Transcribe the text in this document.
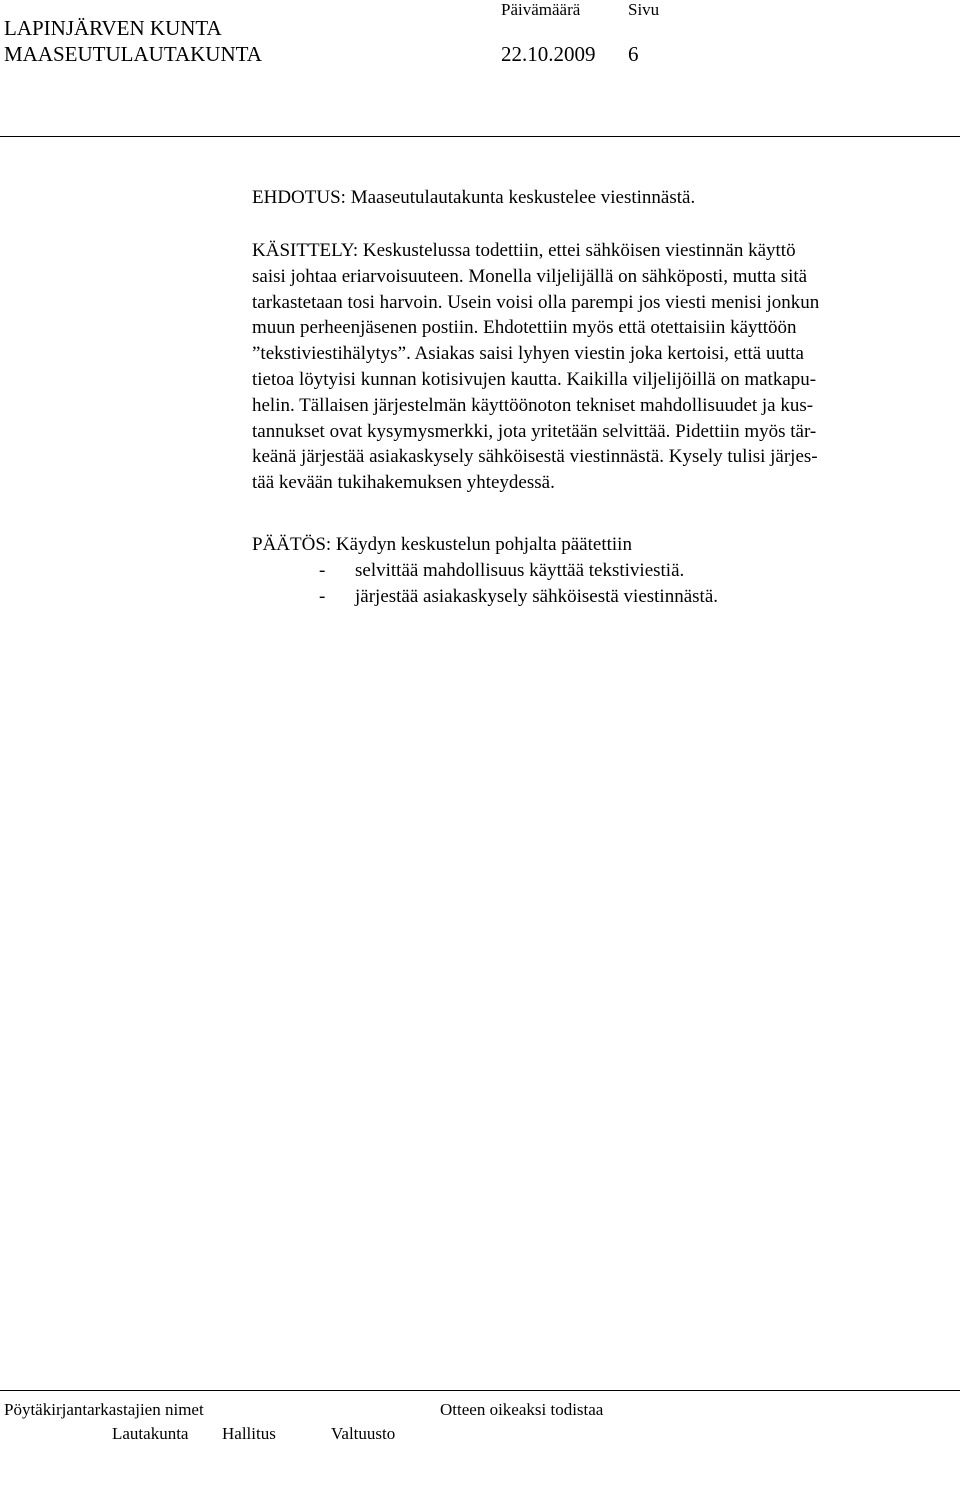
LAPINJÄRVEN KUNTA
MAASEUTULAUTAKUNTA
Päivämäärä	Sivu
22.10.2009 6
EHDOTUS: Maaseutulautakunta keskustelee viestinnästä.
KÄSITTELY: Keskustelussa todettiin, ettei sähköisen viestinnän käyttö
saisi johtaa eriarvoisuuteen. Monella viljelijällä on sähköposti, mutta sitä
tarkastetaan tosi harvoin. Usein voisi olla parempi jos viesti menisi jonkun
muun perheenjäsenen postiin. Ehdotettiin myös että otettaisiin käyttöön
”tekstiviestihälytys”. Asiakas saisi lyhyen viestin joka kertoisi, että uutta
tietoa löytyisi kunnan kotisivujen kautta. Kaikilla viljelijöillä on matkapu-
helin. Tällaisen järjestelmän käyttöönoton tekniset mahdollisuudet ja kus-
tannukset ovat kysymysmerkki, jota yritetään selvittää. Pidettiin myös tär-
keänä järjestää asiakaskysely sähköisestä viestinnästä. Kysely tulisi järjes-
tää kevään tukihakemuksen yhteydessä.
PÄÄTÖS: Käydyn keskustelun pohjalta päätettiin
- selvittää mahdollisuus käyttää tekstiviestiä.
- järjestää asiakaskysely sähköisestä viestinnästä.
Pöytäkirjantarkastajien nimet	Otteen oikeaksi todistaa
Lautakunta Hallitus	Valtuusto
